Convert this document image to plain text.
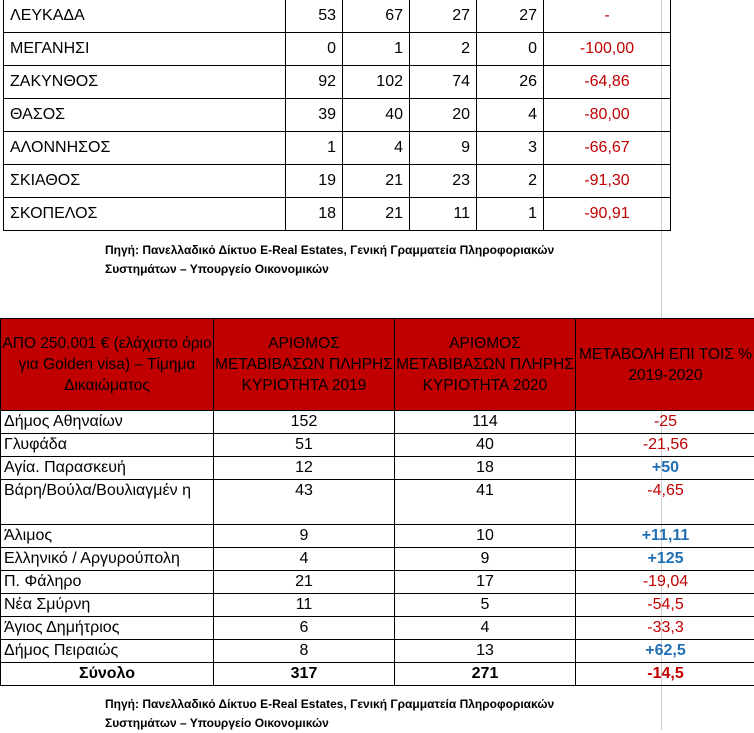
ΛΕΥΚΑΔΑ	53	67	27	27	-
ΜΕΓΑΝΗΣΙ	0	1	2	0	-100,00
ΖΑΚΥΝΘΟΣ	92	102	74	26	-64,86
ΘΑΣΟΣ	39	40	20	4	-80,00
ΑΛΟΝΝΗΣΟΣ	1	4	9	3	-66,67
ΣΚΙΑΘΟΣ	19	21	23	2	-91,30
ΣΚΟΠΕΛΟΣ	18	21	11	1	-90,91
Πηγή: Πανελλαδικό Δίκτυο E-Real Estates, Γενική Γραμματεία Πληροφοριακών
Συστημάτων – Υπουργείο Οικονομικών
ΑΠΟ 250.001 € (ελάχιστο όριο για Golden visa) – Τίμημα Δικαιώματος	ΑΡΙΘΜΟΣ ΜΕΤΑΒΙΒΑΣΩΝ ΠΛΗΡΗΣ ΚΥΡΙΟΤΗΤΑ 2019	ΑΡΙΘΜΟΣ ΜΕΤΑΒΙΒΑΣΩΝ ΠΛΗΡΗΣ ΚΥΡΙΟΤΗΤΑ 2020	ΜΕΤΑΒΟΛΗ ΕΠΙ ΤΟΙΣ % 2019-2020
Δήμος Αθηναίων	152	114	-25
Γλυφάδα	51	40	-21,56
Αγία. Παρασκευή	12	18	+50
Βάρη/Βούλα/Βουλιαγμέν η	43	41	-4,65
Άλιμος	9	10	+11,11
Ελληνικό / Αργυρούπολη	4	9	+125
Π. Φάληρο	21	17	-19,04
Νέα Σμύρνη	11	5	-54,5
Άγιος Δημήτριος	6	4	-33,3
Δήμος Πειραιώς	8	13	+62,5
Σύνολο	317	271	-14,5
Πηγή: Πανελλαδικό Δίκτυο E-Real Estates, Γενική Γραμματεία Πληροφοριακών
Συστημάτων – Υπουργείο Οικονομικών
